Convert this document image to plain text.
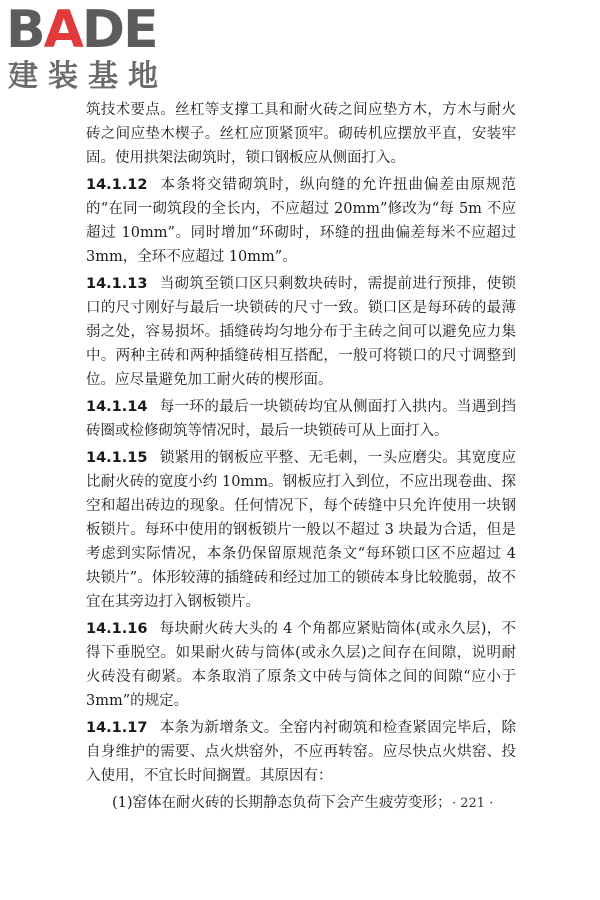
BADE
建装基地

筑技术要点。丝杠等支撑工具和耐火砖之间应垫方木，方木与耐火砖之间应垫木楔子。丝杠应顶紧顶牢。砌砖机应摆放平直，安装牢固。使用拱架法砌筑时，锁口钢板应从侧面打入。

14.1.12 本条将交错砌筑时，纵向缝的允许扭曲偏差由原规范的“在同一砌筑段的全长内，不应超过 20mm”修改为“每 5m 不应超过 10mm”。同时增加“环砌时，环缝的扭曲偏差每米不应超过 3mm，全环不应超过 10mm”。

14.1.13 当砌筑至锁口区只剩数块砖时，需提前进行预排，使锁口的尺寸刚好与最后一块锁砖的尺寸一致。锁口区是每环砖的最薄弱之处，容易损坏。插缝砖均匀地分布于主砖之间可以避免应力集中。两种主砖和两种插缝砖相互搭配，一般可将锁口的尺寸调整到位。应尽量避免加工耐火砖的楔形面。

14.1.14 每一环的最后一块锁砖均宜从侧面打入拱内。当遇到挡砖圈或检修砌筑等情况时，最后一块锁砖可从上面打入。

14.1.15 锁紧用的钢板应平整、无毛刺，一头应磨尖。其宽度应比耐火砖的宽度小约 10mm。钢板应打入到位，不应出现卷曲、探空和超出砖边的现象。任何情况下，每个砖缝中只允许使用一块钢板锁片。每环中使用的钢板锁片一般以不超过 3 块最为合适，但是考虑到实际情况，本条仍保留原规范条文“每环锁口区不应超过 4 块锁片”。体形较薄的插缝砖和经过加工的锁砖本身比较脆弱，故不宜在其旁边打入钢板锁片。

14.1.16 每块耐火砖大头的 4 个角都应紧贴筒体(或永久层)，不得下垂脱空。如果耐火砖与筒体(或永久层)之间存在间隙，说明耐火砖没有砌紧。本条取消了原条文中砖与筒体之间的间隙“应小于 3mm”的规定。

14.1.17 本条为新增条文。全窑内衬砌筑和检查紧固完毕后，除自身维护的需要、点火烘窑外，不应再转窑。应尽快点火烘窑、投入使用，不宜长时间搁置。其原因有：

(1)窑体在耐火砖的长期静态负荷下会产生疲劳变形； · 221 ·
